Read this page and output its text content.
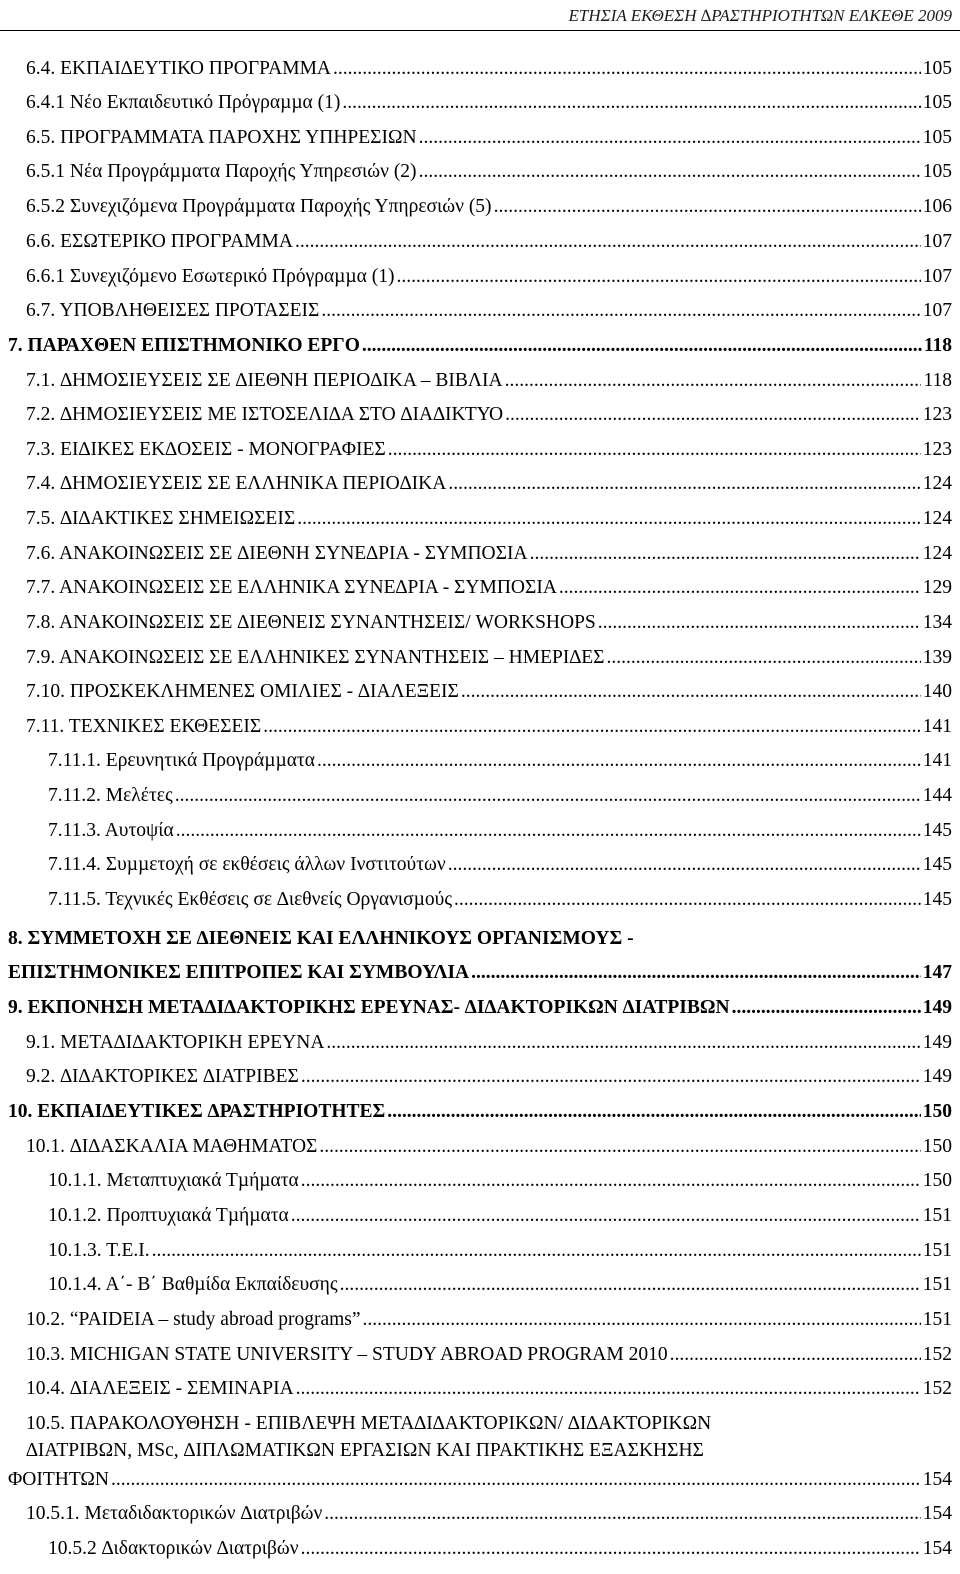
ΕΤΗΣΙΑ ΕΚΘΕΣΗ ∆ΡΑΣΤΗΡΙΟΤΗΤΩΝ ΕΛΚΕΘΕ 2009
6.4. ΕΚΠΑΙ∆ΕΥΤΙΚΟ ΠΡΟΓΡΑΜΜΑ .....	105
6.4.1 Νέο Εκπαιδευτικό Πρόγραµµα (1) .....	105
6.5. ΠΡΟΓΡΑΜΜΑΤΑ ΠΑΡΟΧΗΣ ΥΠΗΡΕΣΙΩΝ .....	105
6.5.1 Νέα Προγράµµατα Παροχής Υπηρεσιών (2) .....	105
6.5.2 Συνεχιζόµενα Προγράµµατα Παροχής Υπηρεσιών (5) .....	106
6.6. ΕΣΩΤΕΡΙΚΟ ΠΡΟΓΡΑΜΜΑ .....	107
6.6.1 Συνεχιζόµενο Εσωτερικό Πρόγραµµα (1) .....	107
6.7. ΥΠΟΒΛΗΘΕΙΣΕΣ ΠΡΟΤΑΣΕΙΣ .....	107
7. ΠΑΡΑΧΘΕΝ ΕΠΙΣΤΗΜΟΝΙΚΟ ΕΡΓΟ .....	118
7.1. ∆ΗΜΟΣΙΕΥΣΕΙΣ ΣΕ ∆ΙΕΘΝΗ ΠΕΡΙΟ∆ΙΚΑ – ΒΙΒΛΙΑ .....	118
7.2. ∆ΗΜΟΣΙΕΥΣΕΙΣ ΜΕ ΙΣΤΟΣΕΛΙ∆Α ΣΤΟ ∆ΙΑ∆ΙΚΤΥΟ .....	123
7.3. ΕΙ∆ΙΚΕΣ ΕΚ∆ΟΣΕΙΣ - ΜΟΝΟΓΡΑΦΙΕΣ .....	123
7.4. ∆ΗΜΟΣΙΕΥΣΕΙΣ ΣΕ ΕΛΛΗΝΙΚΑ ΠΕΡΙΟ∆ΙΚΑ .....	124
7.5. ∆Ι∆ΑΚΤΙΚΕΣ ΣΗΜΕΙΩΣΕΙΣ .....	124
7.6. ΑΝΑΚΟΙΝΩΣΕΙΣ ΣΕ ∆ΙΕΘΝΗ ΣΥΝΕ∆ΡΙΑ - ΣΥΜΠΟΣΙΑ .....	124
7.7. ΑΝΑΚΟΙΝΩΣΕΙΣ ΣΕ ΕΛΛΗΝΙΚΑ ΣΥΝΕ∆ΡΙΑ - ΣΥΜΠΟΣΙΑ .....	129
7.8. ΑΝΑΚΟΙΝΩΣΕΙΣ ΣΕ ∆ΙΕΘΝΕΙΣ ΣΥΝΑΝΤΗΣΕΙΣ/ WORKSHOPS .....	134
7.9. ΑΝΑΚΟΙΝΩΣΕΙΣ ΣΕ ΕΛΛΗΝΙΚΕΣ ΣΥΝΑΝΤΗΣΕΙΣ – ΗΜΕΡΙ∆ΕΣ .....	139
7.10. ΠΡΟΣΚΕΚΛΗΜΕΝΕΣ ΟΜΙΛΙΕΣ - ∆ΙΑΛΕΞΕΙΣ .....	140
7.11. ΤΕΧΝΙΚΕΣ ΕΚΘΕΣΕΙΣ .....	141
7.11.1. Ερευνητικά Προγράµµατα .....	141
7.11.2. Μελέτες .....	144
7.11.3. Αυτοψία .....	145
7.11.4. Συµµετοχή σε εκθέσεις άλλων Ινστιτούτων .....	145
7.11.5. Τεχνικές Εκθέσεις σε ∆ιεθνείς Οργανισµούς .....	145
8. ΣΥΜΜΕΤΟΧΗ ΣΕ ∆ΙΕΘΝΕΙΣ ΚΑΙ ΕΛΛΗΝΙΚΟΥΣ ΟΡΓΑΝΙΣΜΟΥΣ -
ΕΠΙΣΤΗΜΟΝΙΚΕΣ ΕΠΙΤΡΟΠΕΣ ΚΑΙ ΣΥΜΒΟΥΛΙΑ .....	147
9. ΕΚΠΟΝΗΣΗ ΜΕΤΑ∆Ι∆ΑΚΤΟΡΙΚΗΣ ΕΡΕΥΝΑΣ- ∆Ι∆ΑΚΤΟΡΙΚΩΝ ∆ΙΑΤΡΙΒΩΝ .....	149
9.1. ΜΕΤΑ∆Ι∆ΑΚΤΟΡΙΚΗ ΕΡΕΥΝΑ .....	149
9.2. ∆Ι∆ΑΚΤΟΡΙΚΕΣ ∆ΙΑΤΡΙΒΕΣ .....	149
10. ΕΚΠΑΙ∆ΕΥΤΙΚΕΣ ∆ΡΑΣΤΗΡΙΟΤΗΤΕΣ .....	150
10.1. ∆Ι∆ΑΣΚΑΛΙΑ ΜΑΘΗΜΑΤΟΣ .....	150
10.1.1. Μεταπτυχιακά Τµήµατα .....	150
10.1.2. Προπτυχιακά Τµήµατα .....	151
10.1.3. Τ.Ε.Ι. .....	151
10.1.4. Α΄- Β΄ Βαθµίδα Εκπαίδευσης .....	151
10.2. “PAIDEIA – study abroad programs” .....	151
10.3. MICHIGAN STATE UNIVERSITY – STUDY ABROAD PROGRAM 2010 .....	152
10.4. ∆ΙΑΛΕΞΕΙΣ - ΣΕΜΙΝΑΡΙΑ .....	152
10.5. ΠΑΡΑΚΟΛΟΥΘΗΣΗ - ΕΠΙΒΛΕΨΗ ΜΕΤΑ∆Ι∆ΑΚΤΟΡΙΚΩΝ/ ∆Ι∆ΑΚΤΟΡΙΚΩΝ
∆ΙΑΤΡΙΒΩΝ, MSc, ∆ΙΠΛΩΜΑΤΙΚΩΝ ΕΡΓΑΣΙΩΝ ΚΑΙ ΠΡΑΚΤΙΚΗΣ ΕΞΑΣΚΗΣΗΣ
ΦΟΙΤΗΤΩΝ .....	154
10.5.1. Μεταδιδακτορικών ∆ιατριβών .....	154
10.5.2 ∆ιδακτορικών ∆ιατριβών .....	154
